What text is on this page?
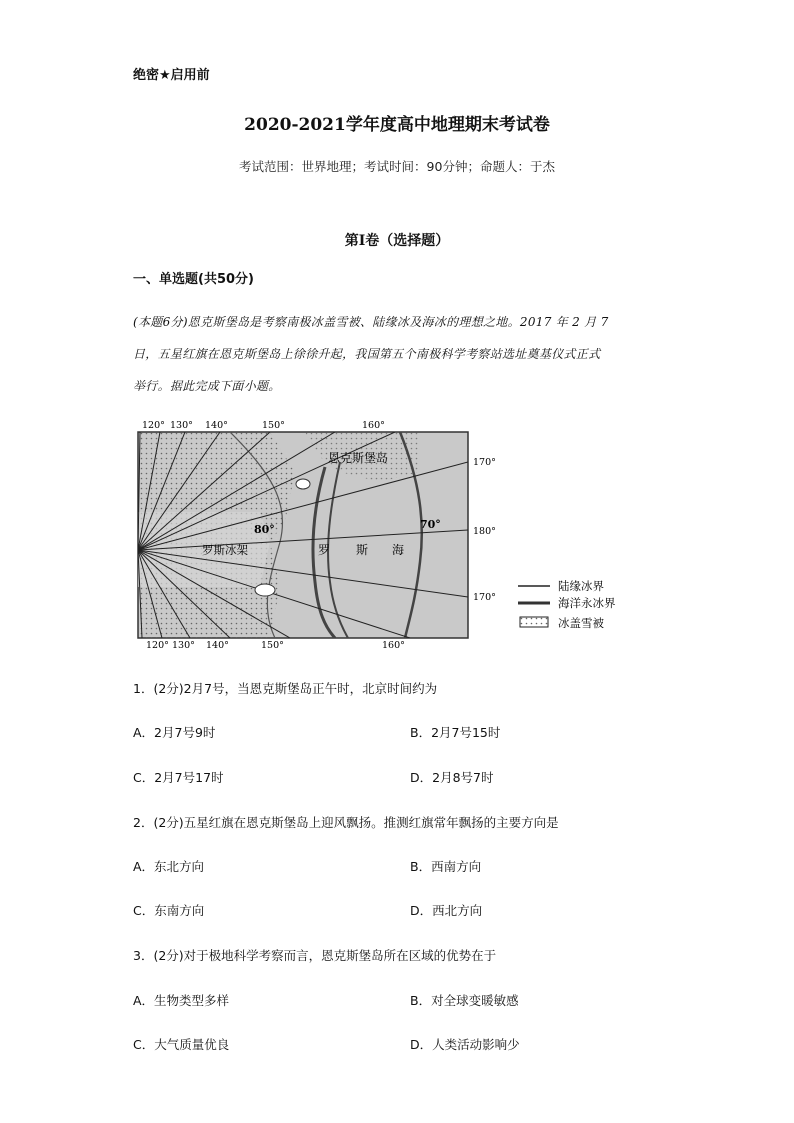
绝密★启用前
2020-2021学年度高中地理期末考试卷
考试范围：世界地理；考试时间：90分钟；命题人：于杰
第I卷（选择题）
一、单选题(共50分)
(本题6分)恩克斯堡岛是考察南极冰盖雪被、陆缘冰及海冰的理想之地。2017 年 2 月 7
日，五星红旗在恩克斯堡岛上徐徐升起，我国第五个南极科学考察站选址奠基仪式正式
举行。据此完成下面小题。
120° 130° 140°	150°	160°
120° 130° 140°	150°	160°
170°
180°
170°
80°	70°
恩克斯堡岛
罗斯冰架	罗 斯 海
陆缘冰界
海洋永冰界
冰盖雪被
1．(2分)2月7号，当恩克斯堡岛正午时，北京时间约为
A．2月7号9时	B．2月7号15时
C．2月7号17时	D．2月8号7时
2．(2分)五星红旗在恩克斯堡岛上迎风飘扬。推测红旗常年飘扬的主要方向是
A．东北方向	B．西南方向
C．东南方向	D．西北方向
3．(2分)对于极地科学考察而言，恩克斯堡岛所在区域的优势在于
A．生物类型多样	B．对全球变暖敏感
C．大气质量优良	D．人类活动影响少
